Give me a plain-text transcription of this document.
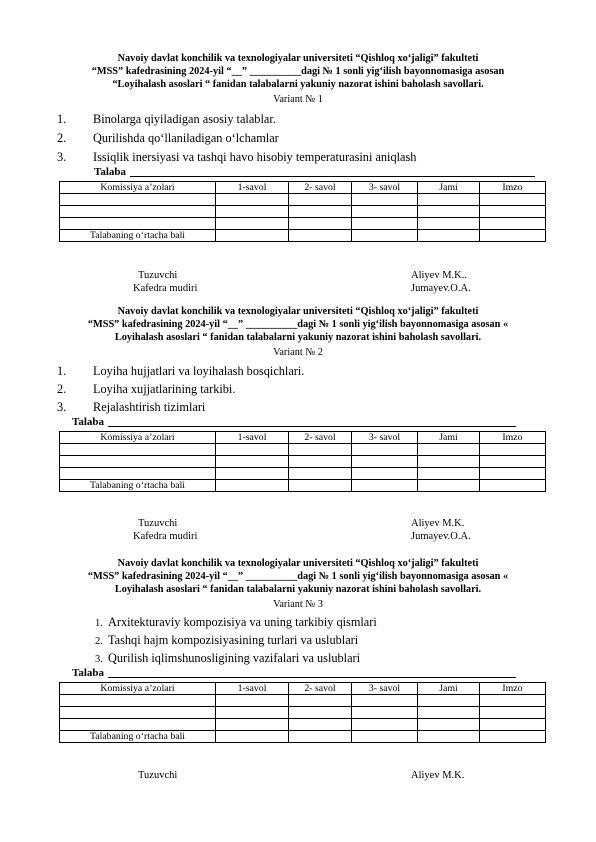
Navoiy davlat konchilik va texnologiyalar universiteti “Qishloq xoʻjaligi” fakulteti
“MSS” kafedrasining 2024-yil “__” __________dagi № 1 sonli yigʻilish bayonnomasiga asosan
“Loyihalash asoslari “ fanidan talabalarni yakuniy nazorat ishini baholash savollari.
Variant № 1
1. Binolarga qiyiladigan asosiy talablar.
2. Qurilishda qoʻllaniladigan oʻlchamlar
3. Issiqlik inersiyasi va tashqi havo hisobiy temperaturasini aniqlash
Talaba
Komissiya a’zolari	1-savol	2- savol	3- savol	Jami	Imzo

Talabaning oʻrtacha bali					
Tuzuvchi
Kafedra mudiri
Aliyev M.K..
Jumayev.O.A.
Navoiy davlat konchilik va texnologiyalar universiteti “Qishloq xoʻjaligi” fakulteti
“MSS” kafedrasining 2024-yil “__” __________dagi № 1 sonli yigʻilish bayonnomasiga asosan «
Loyihalash asoslari “ fanidan talabalarni yakuniy nazorat ishini baholash savollari.
Variant № 2
1. Loyiha hujjatlari va loyihalash bosqichlari.
2. Loyiha xujjatlarining tarkibi.
3. Rejalashtirish tizimlari
Talaba
Komissiya a’zolari	1-savol	2- savol	3- savol	Jami	Imzo

Talabaning oʻrtacha bali					
Tuzuvchi
Kafedra mudiri
Aliyev M.K.
Jumayev.O.A.
Navoiy davlat konchilik va texnologiyalar universiteti “Qishloq xoʻjaligi” fakulteti
“MSS” kafedrasining 2024-yil “__” __________dagi № 1 sonli yigʻilish bayonnomasiga asosan «
Loyihalash asoslari “ fanidan talabalarni yakuniy nazorat ishini baholash savollari.
Variant № 3
1. Arxitekturaviy kompozisiya va uning tarkibiy qismlari
2. Tashqi hajm kompozisiyasining turlari va uslublari
3. Qurilish iqlimshunosligining vazifalari va uslublari
Talaba
Komissiya a’zolari	1-savol	2- savol	3- savol	Jami	Imzo

Talabaning oʻrtacha bali					
Tuzuvchi	Aliyev M.K.
